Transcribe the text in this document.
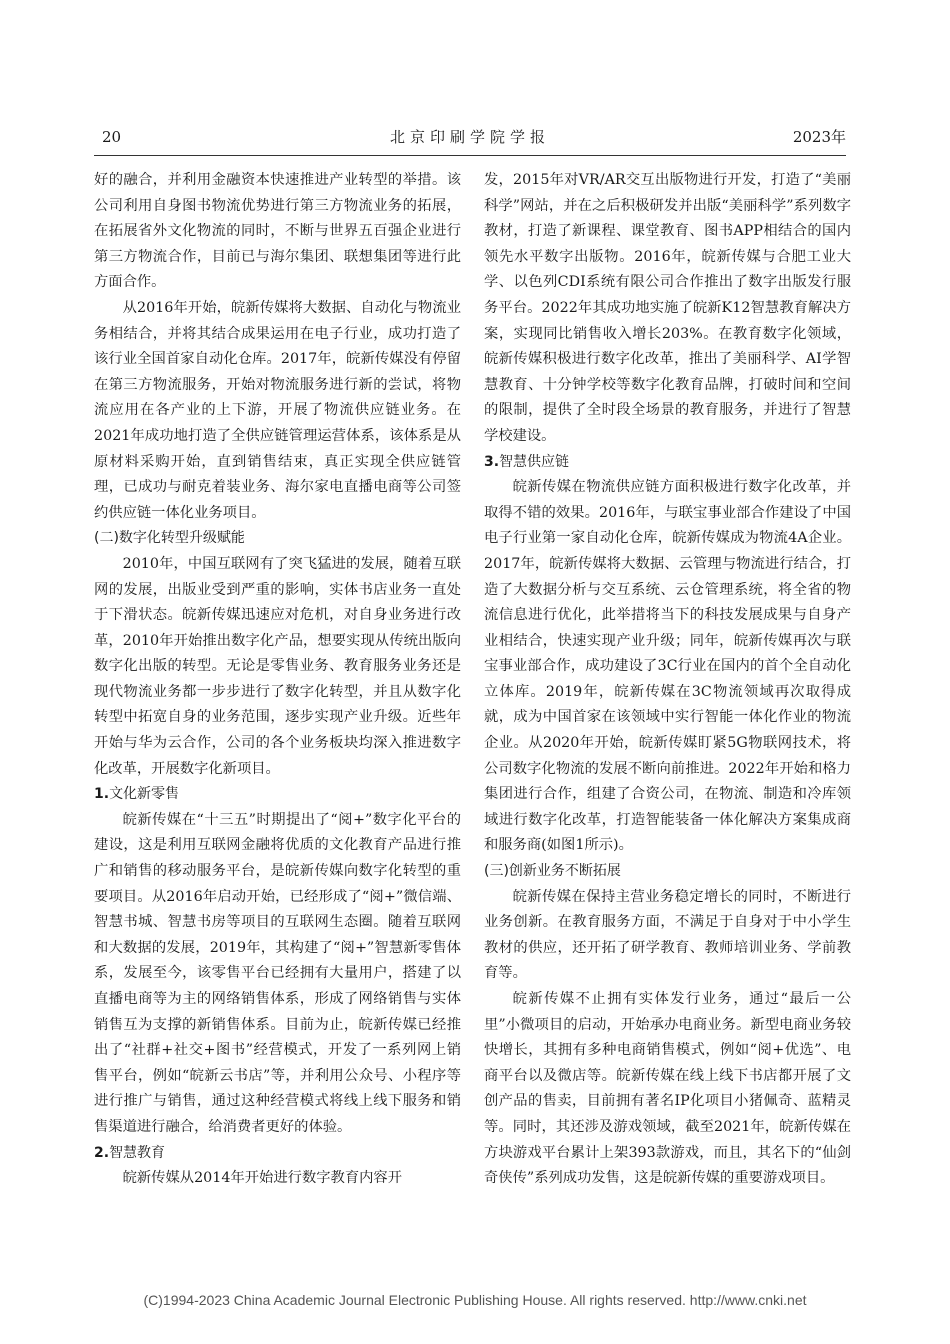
北京印刷学院学报
20	2023年

好的融合，并利用金融资本快速推进产业转型的举措。该公司利用自身图书物流优势进行第三方物流业务的拓展，在拓展省外文化物流的同时，不断与世界五百强企业进行第三方物流合作，目前已与海尔集团、联想集团等进行此方面合作。

从2016年开始，皖新传媒将大数据、自动化与物流业务相结合，并将其结合成果运用在电子行业，成功打造了该行业全国首家自动化仓库。2017年，皖新传媒没有停留在第三方物流服务，开始对物流服务进行新的尝试，将物流应用在各产业的上下游，开展了物流供应链业务。在2021年成功地打造了全供应链管理运营体系，该体系是从原材料采购开始，直到销售结束，真正实现全供应链管理，已成功与耐克着装业务、海尔家电直播电商等公司签约供应链一体化业务项目。

(二)数字化转型升级赋能

2010年，中国互联网有了突飞猛进的发展，随着互联网的发展，出版业受到严重的影响，实体书店业务一直处于下滑状态。皖新传媒迅速应对危机，对自身业务进行改革，2010年开始推出数字化产品，想要实现从传统出版向数字化出版的转型。无论是零售业务、教育服务业务还是现代物流业务都一步步进行了数字化转型，并且从数字化转型中拓宽自身的业务范围，逐步实现产业升级。近些年开始与华为云合作，公司的各个业务板块均深入推进数字化改革，开展数字化新项目。

1.文化新零售

皖新传媒在“十三五”时期提出了“阅+”数字化平台的建设，这是利用互联网金融将优质的文化教育产品进行推广和销售的移动服务平台，是皖新传媒向数字化转型的重要项目。从2016年启动开始，已经形成了“阅+”微信端、智慧书城、智慧书房等项目的互联网生态圈。随着互联网和大数据的发展，2019年，其构建了“阅+”智慧新零售体系，发展至今，该零售平台已经拥有大量用户，搭建了以直播电商等为主的网络销售体系，形成了网络销售与实体销售互为支撑的新销售体系。目前为止，皖新传媒已经推出了“社群+社交+图书”经营模式，开发了一系列网上销售平台，例如“皖新云书店”等，并利用公众号、小程序等进行推广与销售，通过这种经营模式将线上线下服务和销售渠道进行融合，给消费者更好的体验。

2.智慧教育

皖新传媒从2014年开始进行数字教育内容开

发，2015年对VR/AR交互出版物进行开发，打造了“美丽科学”网站，并在之后积极研发并出版“美丽科学”系列数字教材，打造了新课程、课堂教育、图书APP相结合的国内领先水平数字出版物。2016年，皖新传媒与合肥工业大学、以色列CDI系统有限公司合作推出了数字出版发行服务平台。2022年其成功地实施了皖新K12智慧教育解决方案，实现同比销售收入增长203%。在教育数字化领域，皖新传媒积极进行数字化改革，推出了美丽科学、AI学智慧教育、十分钟学校等数字化教育品牌，打破时间和空间的限制，提供了全时段全场景的教育服务，并进行了智慧学校建设。

3.智慧供应链

皖新传媒在物流供应链方面积极进行数字化改革，并取得不错的效果。2016年，与联宝事业部合作建设了中国电子行业第一家自动化仓库，皖新传媒成为物流4A企业。2017年，皖新传媒将大数据、云管理与物流进行结合，打造了大数据分析与交互系统、云仓管理系统，将全省的物流信息进行优化，此举措将当下的科技发展成果与自身产业相结合，快速实现产业升级；同年，皖新传媒再次与联宝事业部合作，成功建设了3C行业在国内的首个全自动化立体库。2019年，皖新传媒在3C物流领域再次取得成就，成为中国首家在该领域中实行智能一体化作业的物流企业。从2020年开始，皖新传媒盯紧5G物联网技术，将公司数字化物流的发展不断向前推进。2022年开始和格力集团进行合作，组建了合资公司，在物流、制造和冷库领域进行数字化改革，打造智能装备一体化解决方案集成商和服务商(如图1所示)。

(三)创新业务不断拓展

皖新传媒在保持主营业务稳定增长的同时，不断进行业务创新。在教育服务方面，不满足于自身对于中小学生教材的供应，还开拓了研学教育、教师培训业务、学前教育等。

皖新传媒不止拥有实体发行业务，通过“最后一公里”小微项目的启动，开始承办电商业务。新型电商业务较快增长，其拥有多种电商销售模式，例如“阅+优选”、电商平台以及微店等。皖新传媒在线上线下书店都开展了文创产品的售卖，目前拥有著名IP化项目小猪佩奇、蓝精灵等。同时，其还涉及游戏领域，截至2021年，皖新传媒在方块游戏平台累计上架393款游戏，而且，其名下的“仙剑奇侠传”系列成功发售，这是皖新传媒的重要游戏项目。

(C)1994-2023 China Academic Journal Electronic Publishing House. All rights reserved. http://www.cnki.net
